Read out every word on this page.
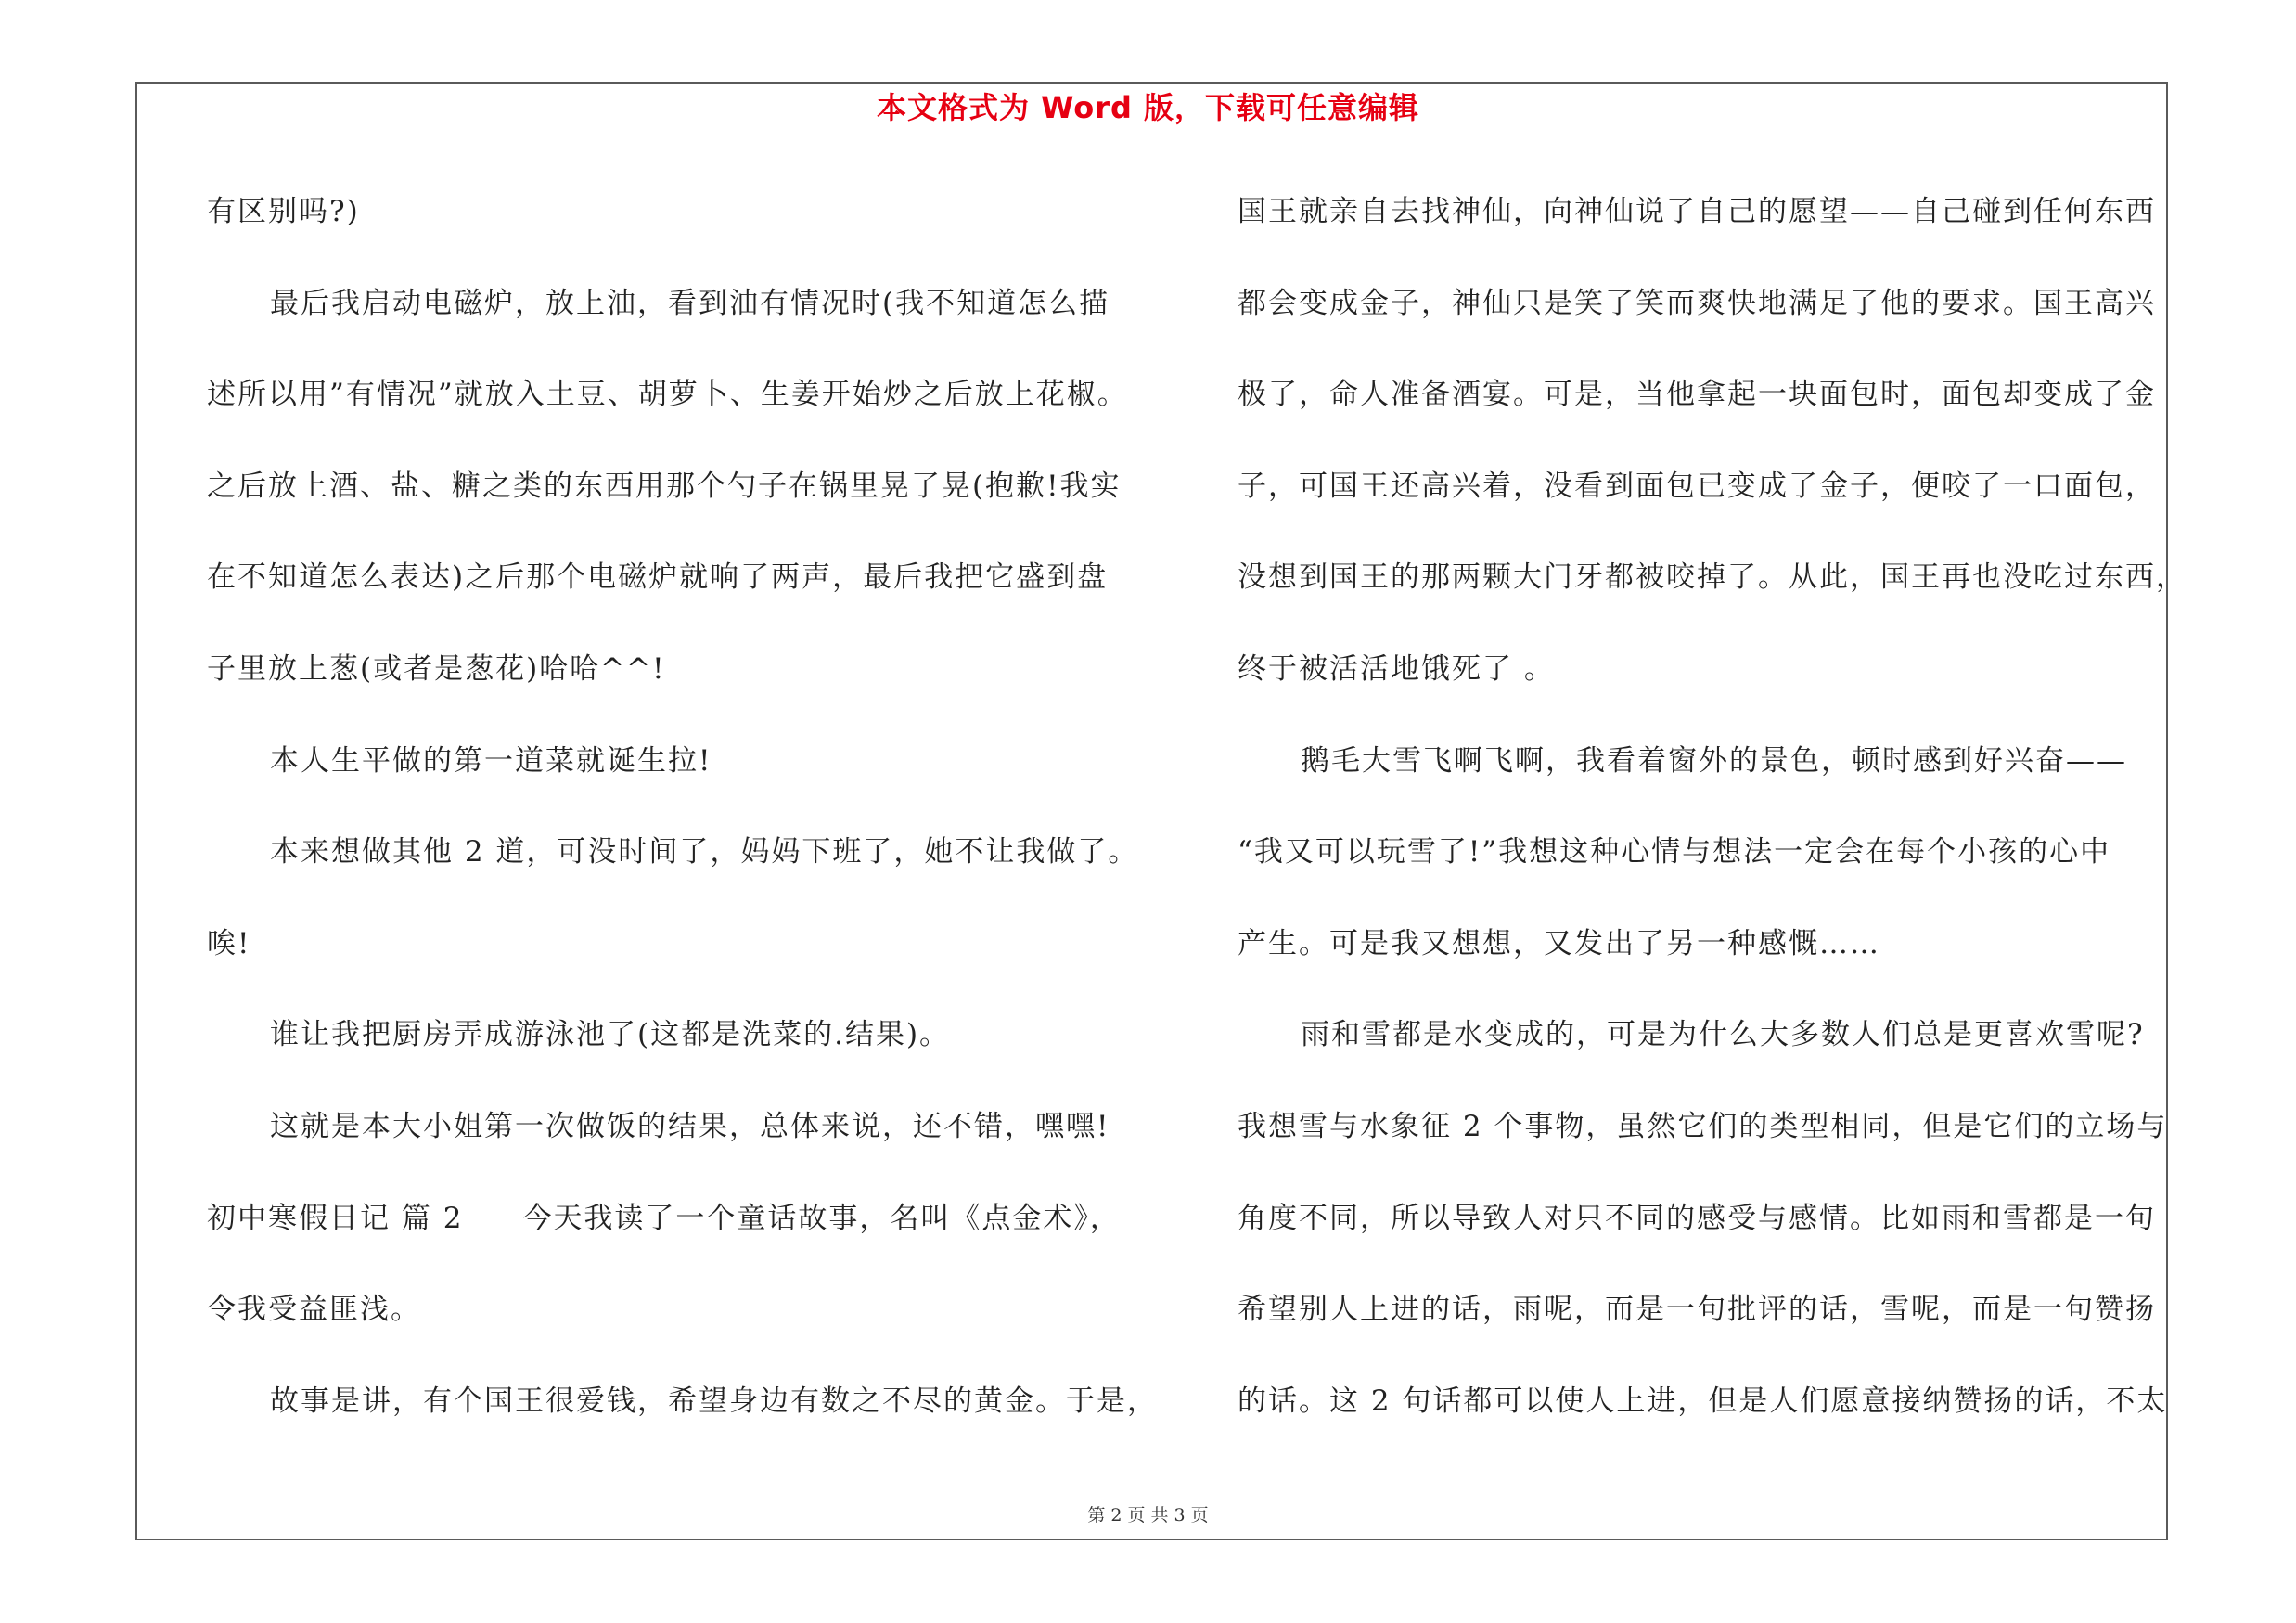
本文格式为 Word 版，下载可任意编辑
有区别吗?)
最后我启动电磁炉，放上油，看到油有情况时(我不知道怎么描
述所以用”有情况”就放入土豆、胡萝卜、生姜开始炒之后放上花椒。
之后放上酒、盐、糖之类的东西用那个勺子在锅里晃了晃(抱歉!我实
在不知道怎么表达)之后那个电磁炉就响了两声，最后我把它盛到盘
子里放上葱(或者是葱花)哈哈^^!
本人生平做的第一道菜就诞生拉!
本来想做其他 2 道，可没时间了，妈妈下班了，她不让我做了。
唉!
谁让我把厨房弄成游泳池了(这都是洗菜的.结果)。
这就是本大小姐第一次做饭的结果，总体来说，还不错，嘿嘿!
初中寒假日记 篇 2 今天我读了一个童话故事，名叫《点金术》，
令我受益匪浅。
故事是讲，有个国王很爱钱，希望身边有数之不尽的黄金。于是，
国王就亲自去找神仙，向神仙说了自己的愿望——自己碰到任何东西
都会变成金子，神仙只是笑了笑而爽快地满足了他的要求。国王高兴
极了，命人准备酒宴。可是，当他拿起一块面包时，面包却变成了金
子，可国王还高兴着，没看到面包已变成了金子，便咬了一口面包，
没想到国王的那两颗大门牙都被咬掉了。从此，国王再也没吃过东西，
终于被活活地饿死了 。
鹅毛大雪飞啊飞啊，我看着窗外的景色，顿时感到好兴奋——
“我又可以玩雪了!”我想这种心情与想法一定会在每个小孩的心中
产生。可是我又想想，又发出了另一种感慨……
雨和雪都是水变成的，可是为什么大多数人们总是更喜欢雪呢?
我想雪与水象征 2 个事物，虽然它们的类型相同，但是它们的立场与
角度不同，所以导致人对只不同的感受与感情。比如雨和雪都是一句
希望别人上进的话，雨呢，而是一句批评的话，雪呢，而是一句赞扬
的话。这 2 句话都可以使人上进，但是人们愿意接纳赞扬的话，不太
第 2 页 共 3 页
